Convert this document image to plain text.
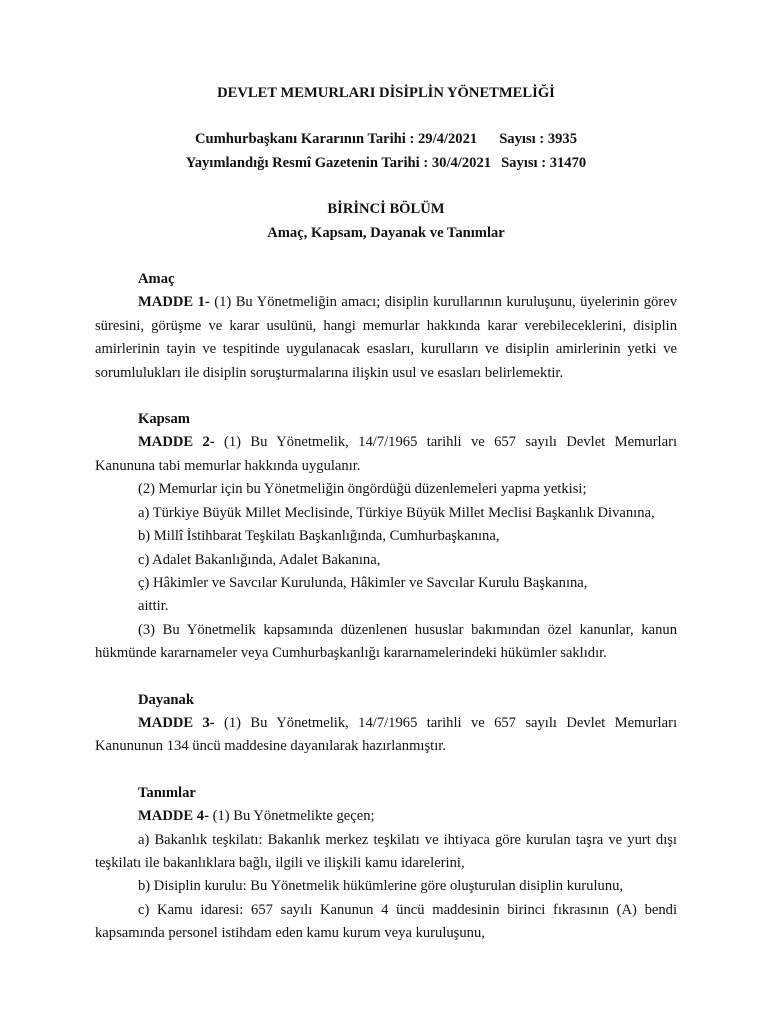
DEVLET MEMURLARI DİSİPLİN YÖNETMELİĞİ

Cumhurbaşkanı Kararının Tarihi : 29/4/2021 Sayısı : 3935

Yayımlandığı Resmî Gazetenin Tarihi : 30/4/2021 Sayısı : 31470

BİRİNCİ BÖLÜM

Amaç, Kapsam, Dayanak ve Tanımlar

Amaç

MADDE 1- (1) Bu Yönetmeliğin amacı; disiplin kurullarının kuruluşunu, üyelerinin görev süresini, görüşme ve karar usulünü, hangi memurlar hakkında karar verebileceklerini, disiplin amirlerinin tayin ve tespitinde uygulanacak esasları, kurulların ve disiplin amirlerinin yetki ve sorumlulukları ile disiplin soruşturmalarına ilişkin usul ve esasları belirlemektir.

Kapsam

MADDE 2- (1) Bu Yönetmelik, 14/7/1965 tarihli ve 657 sayılı Devlet Memurları Kanununa tabi memurlar hakkında uygulanır.

(2) Memurlar için bu Yönetmeliğin öngördüğü düzenlemeleri yapma yetkisi;

a) Türkiye Büyük Millet Meclisinde, Türkiye Büyük Millet Meclisi Başkanlık Divanına,

b) Millî İstihbarat Teşkilatı Başkanlığında, Cumhurbaşkanına,

c) Adalet Bakanlığında, Adalet Bakanına,

ç) Hâkimler ve Savcılar Kurulunda, Hâkimler ve Savcılar Kurulu Başkanına,

aittir.

(3) Bu Yönetmelik kapsamında düzenlenen hususlar bakımından özel kanunlar, kanun hükmünde kararnameler veya Cumhurbaşkanlığı kararnamelerindeki hükümler saklıdır.

Dayanak

MADDE 3- (1) Bu Yönetmelik, 14/7/1965 tarihli ve 657 sayılı Devlet Memurları Kanununun 134 üncü maddesine dayanılarak hazırlanmıştır.

Tanımlar

MADDE 4- (1) Bu Yönetmelikte geçen;

a) Bakanlık teşkilatı: Bakanlık merkez teşkilatı ve ihtiyaca göre kurulan taşra ve yurt dışı teşkilatı ile bakanlıklara bağlı, ilgili ve ilişkili kamu idarelerini,

b) Disiplin kurulu: Bu Yönetmelik hükümlerine göre oluşturulan disiplin kurulunu,

c) Kamu idaresi: 657 sayılı Kanunun 4 üncü maddesinin birinci fıkrasının (A) bendi kapsamında personel istihdam eden kamu kurum veya kuruluşunu,
